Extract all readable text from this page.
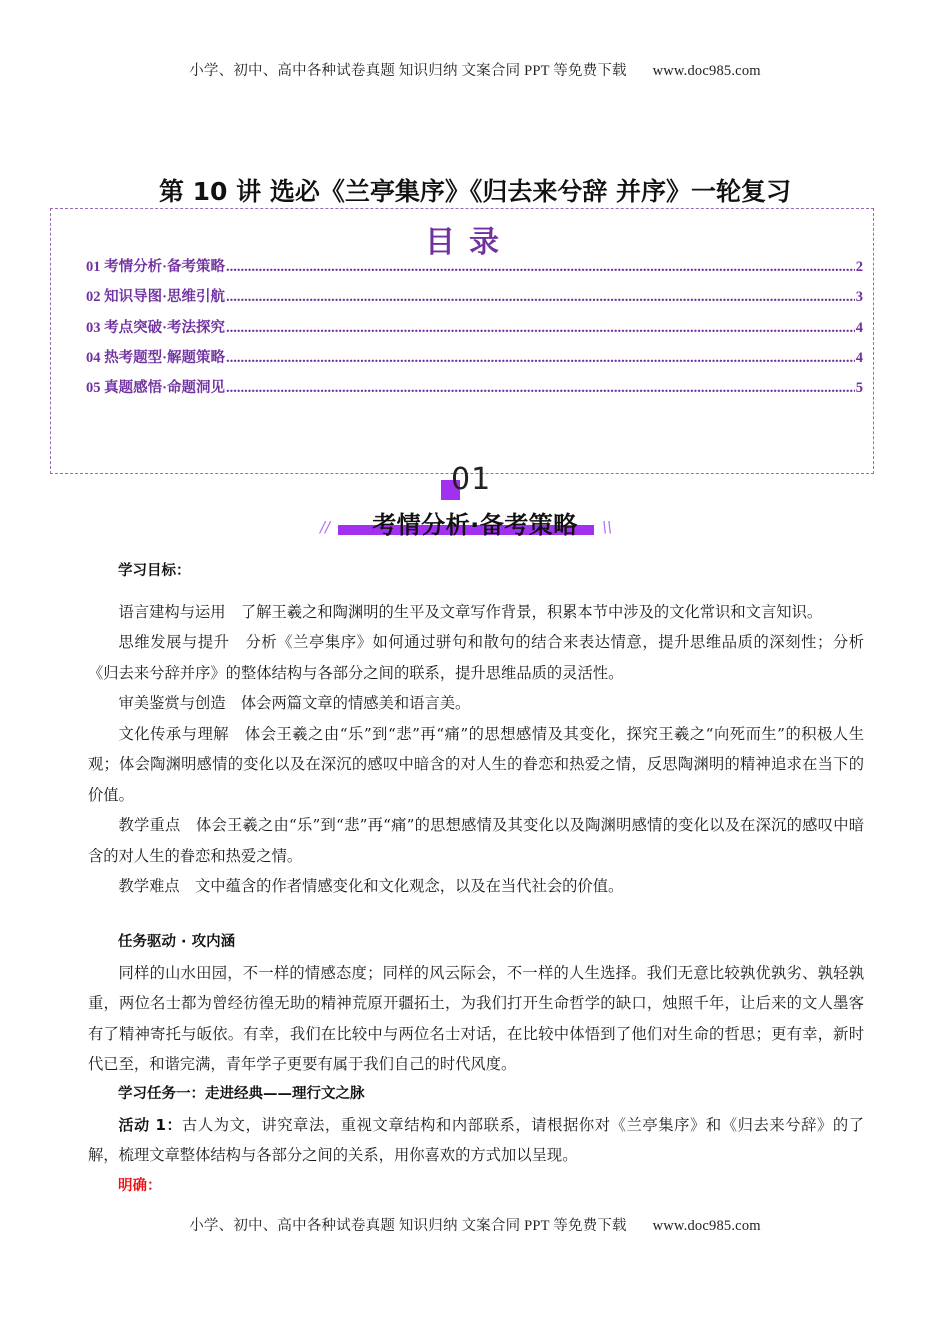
小学、初中、高中各种试卷真题 知识归纳 文案合同 PPT 等免费下载 www.doc985.com
第 10 讲 选必《兰亭集序》《归去来兮辞 并序》一轮复习
目录
01 考情分析·备考策略 .....	2
02 知识导图·思维引航 .....	3
03 考点突破·考法探究 .....	4
04 热考题型·解题策略 .....	4
05 真题感悟·命题洞见 .....	5
01
//	考情分析·备考策略	\\

学习目标：

语言建构与运用　了解王羲之和陶渊明的生平及文章写作背景，积累本节中涉及的文化常识和文言知识。

思维发展与提升　分析《兰亭集序》如何通过骈句和散句的结合来表达情意，提升思维品质的深刻性；分析《归去来兮辞并序》的整体结构与各部分之间的联系，提升思维品质的灵活性。

审美鉴赏与创造　体会两篇文章的情感美和语言美。

文化传承与理解　体会王羲之由“乐”到“悲”再“痛”的思想感情及其变化，探究王羲之“向死而生”的积极人生观；体会陶渊明感情的变化以及在深沉的感叹中暗含的对人生的眷恋和热爱之情，反思陶渊明的精神追求在当下的价值。

教学重点　体会王羲之由“乐”到“悲”再“痛”的思想感情及其变化以及陶渊明感情的变化以及在深沉的感叹中暗含的对人生的眷恋和热爱之情。

教学难点　文中蕴含的作者情感变化和文化观念，以及在当代社会的价值。

任务驱动 · 攻内涵

同样的山水田园，不一样的情感态度；同样的风云际会，不一样的人生选择。我们无意比较孰优孰劣、孰轻孰重，两位名士都为曾经彷徨无助的精神荒原开疆拓土，为我们打开生命哲学的缺口，烛照千年，让后来的文人墨客有了精神寄托与皈依。有幸，我们在比较中与两位名士对话，在比较中体悟到了他们对生命的哲思；更有幸，新时代已至，和谐完满，青年学子更要有属于我们自己的时代风度。

学习任务一：走进经典——理行文之脉

活动 1：古人为文，讲究章法，重视文章结构和内部联系，请根据你对《兰亭集序》和《归去来兮辞》的了解，梳理文章整体结构与各部分之间的关系，用你喜欢的方式加以呈现。

明确：

小学、初中、高中各种试卷真题 知识归纳 文案合同 PPT 等免费下载 www.doc985.com
